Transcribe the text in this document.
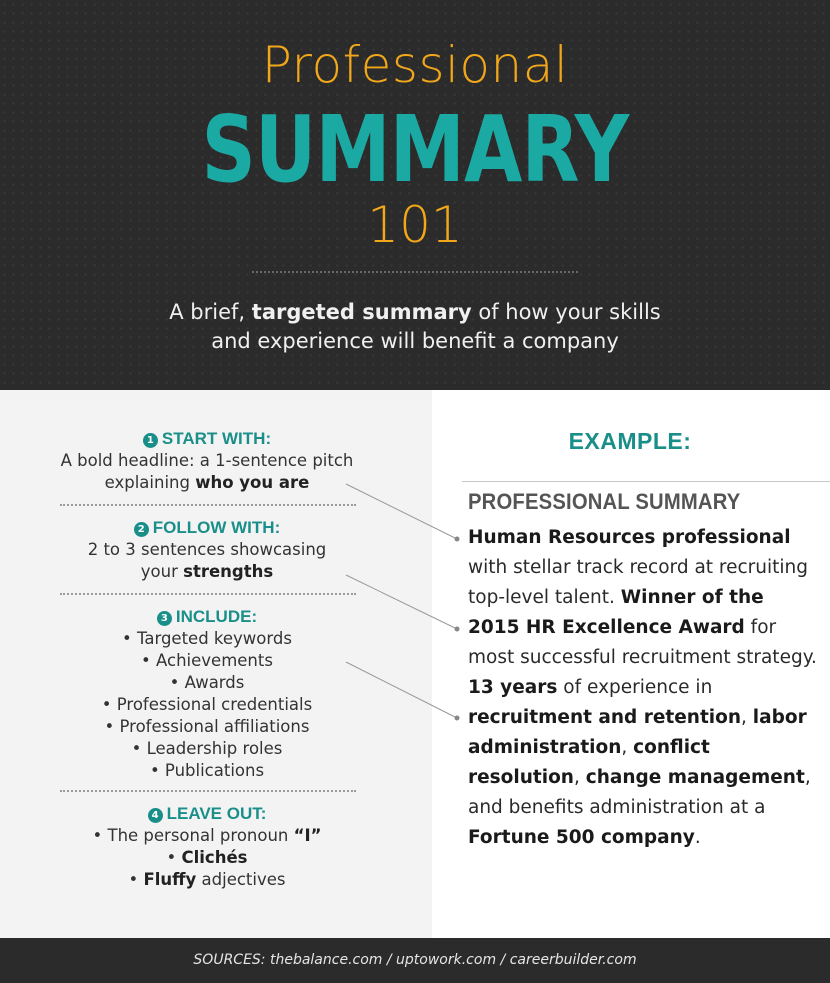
Professional
SUMMARY
101
A brief, targeted summary of how your skills
and experience will benefit a company
1 START WITH:
A bold headline: a 1-sentence pitch
explaining who you are
2 FOLLOW WITH:
2 to 3 sentences showcasing
your strengths
3 INCLUDE:
• Targeted keywords
• Achievements
• Awards
• Professional credentials
• Professional affiliations
• Leadership roles
• Publications
4 LEAVE OUT:
• The personal pronoun “I”
• Clichés
• Fluffy adjectives
EXAMPLE:
PROFESSIONAL SUMMARY
Human Resources professional with stellar track record at recruiting top-level talent. Winner of the 2015 HR Excellence Award for most successful recruitment strategy. 13 years of experience in recruitment and retention, labor administration, conflict resolution, change management, and benefits administration at a Fortune 500 company.
SOURCES: thebalance.com / uptowork.com / careerbuilder.com
